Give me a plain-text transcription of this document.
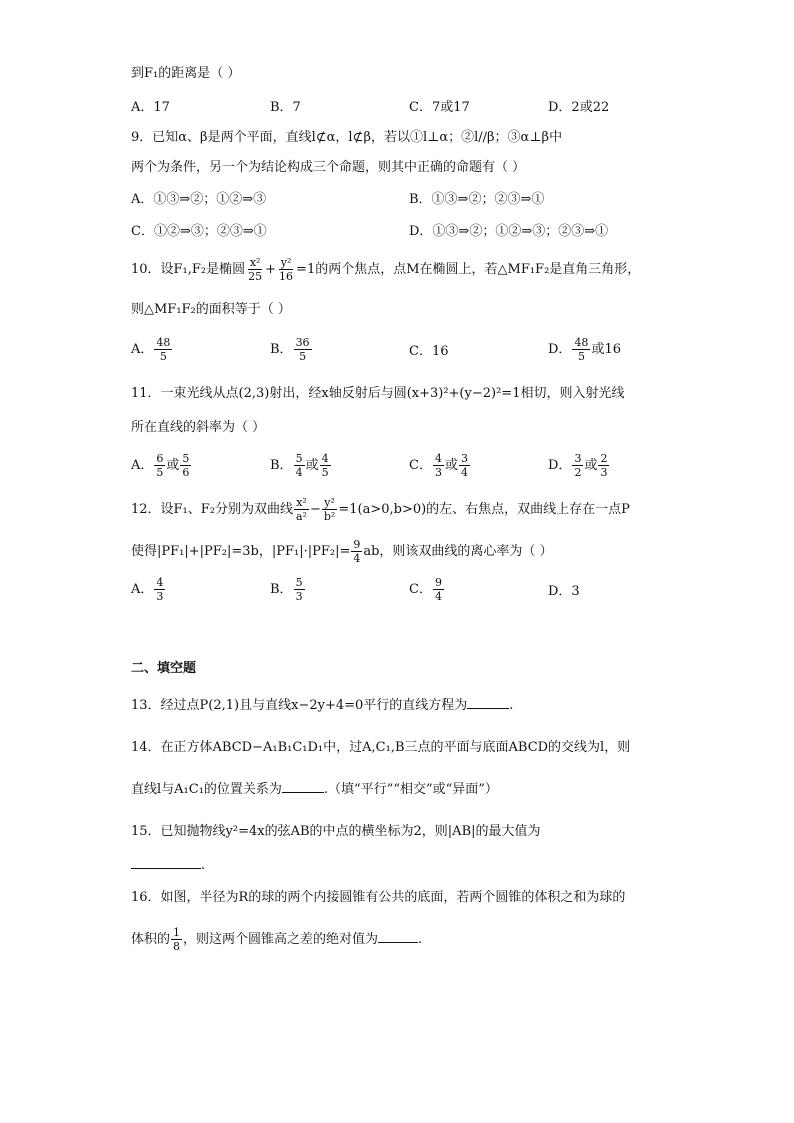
到F₁的距离是（ ）
A．17	B．7	C．7或17	D．2或22
9．已知α、β是两个平面，直线l⊄α，l⊄β，若以①l⊥α；②l//β；③α⊥β中
两个为条件，另一个为结论构成三个命题，则其中正确的命题有（ ）
A．①③⇒②；①②⇒③	B．①③⇒②；②③⇒①
C．①②⇒③；②③⇒①	D．①③⇒②；①②⇒③；②③⇒①
10．设F₁,F₂是椭圆 $\frac{\text{x²}}{25} + \frac{\text{y²}}{16} =1$的两个焦点，点M在椭圆上，若△MF₁F₂是直角三角形，
则△MF₁F₂的面积等于（ ）
A． $\frac{48}{5}$	B． $\frac{36}{5}$	C．16	D． $\frac{48}{5}$ 或16
11．一束光线从点(2,3)射出，经x轴反射后与圆(x+3)²+(y−2)²=1相切，则入射光线
所在直线的斜率为（ ）
A． $\frac{6}{5}$ 或 $\frac{5}{6}$	B． $\frac{5}{4}$ 或 $\frac{4}{5}$	C． $\frac{4}{3}$ 或 $\frac{3}{4}$	D． $\frac{3}{2}$ 或 $\frac{2}{3}$
12．设F₁、F₂分别为双曲线 $\frac{\text{x²}}{\text{a²}} - \frac{\text{y²}}{\text{b²}} =1(a>0,b>0)$的左、右焦点，双曲线上存在一点P
使得|PF₁|+|PF₂|=3b，$|PF_1|\cdot|PF_2|= \frac{9}{4}$ ab，则该双曲线的离心率为（ ）
A． $\frac{4}{3}$	B． $\frac{5}{3}$	C． $\frac{9}{4}$	D．3
二、填空题
13．经过点P(2,1)且与直线x−2y+4=0平行的直线方程为	.
14．在正方体ABCD−A₁B₁C₁D₁中，过A,C₁,B三点的平面与底面ABCD的交线为l，则
直线l与A₁C₁的位置关系为	.（填“平行”“相交”或“异面”）
15．已知抛物线y²=4x的弦AB的中点的横坐标为2，则|AB|的最大值为
.
16．如图，半径为R的球的两个内接圆锥有公共的底面，若两个圆锥的体积之和为球的
体积的 $\frac{1}{8}$ ，则这两个圆锥高之差的绝对值为	.
